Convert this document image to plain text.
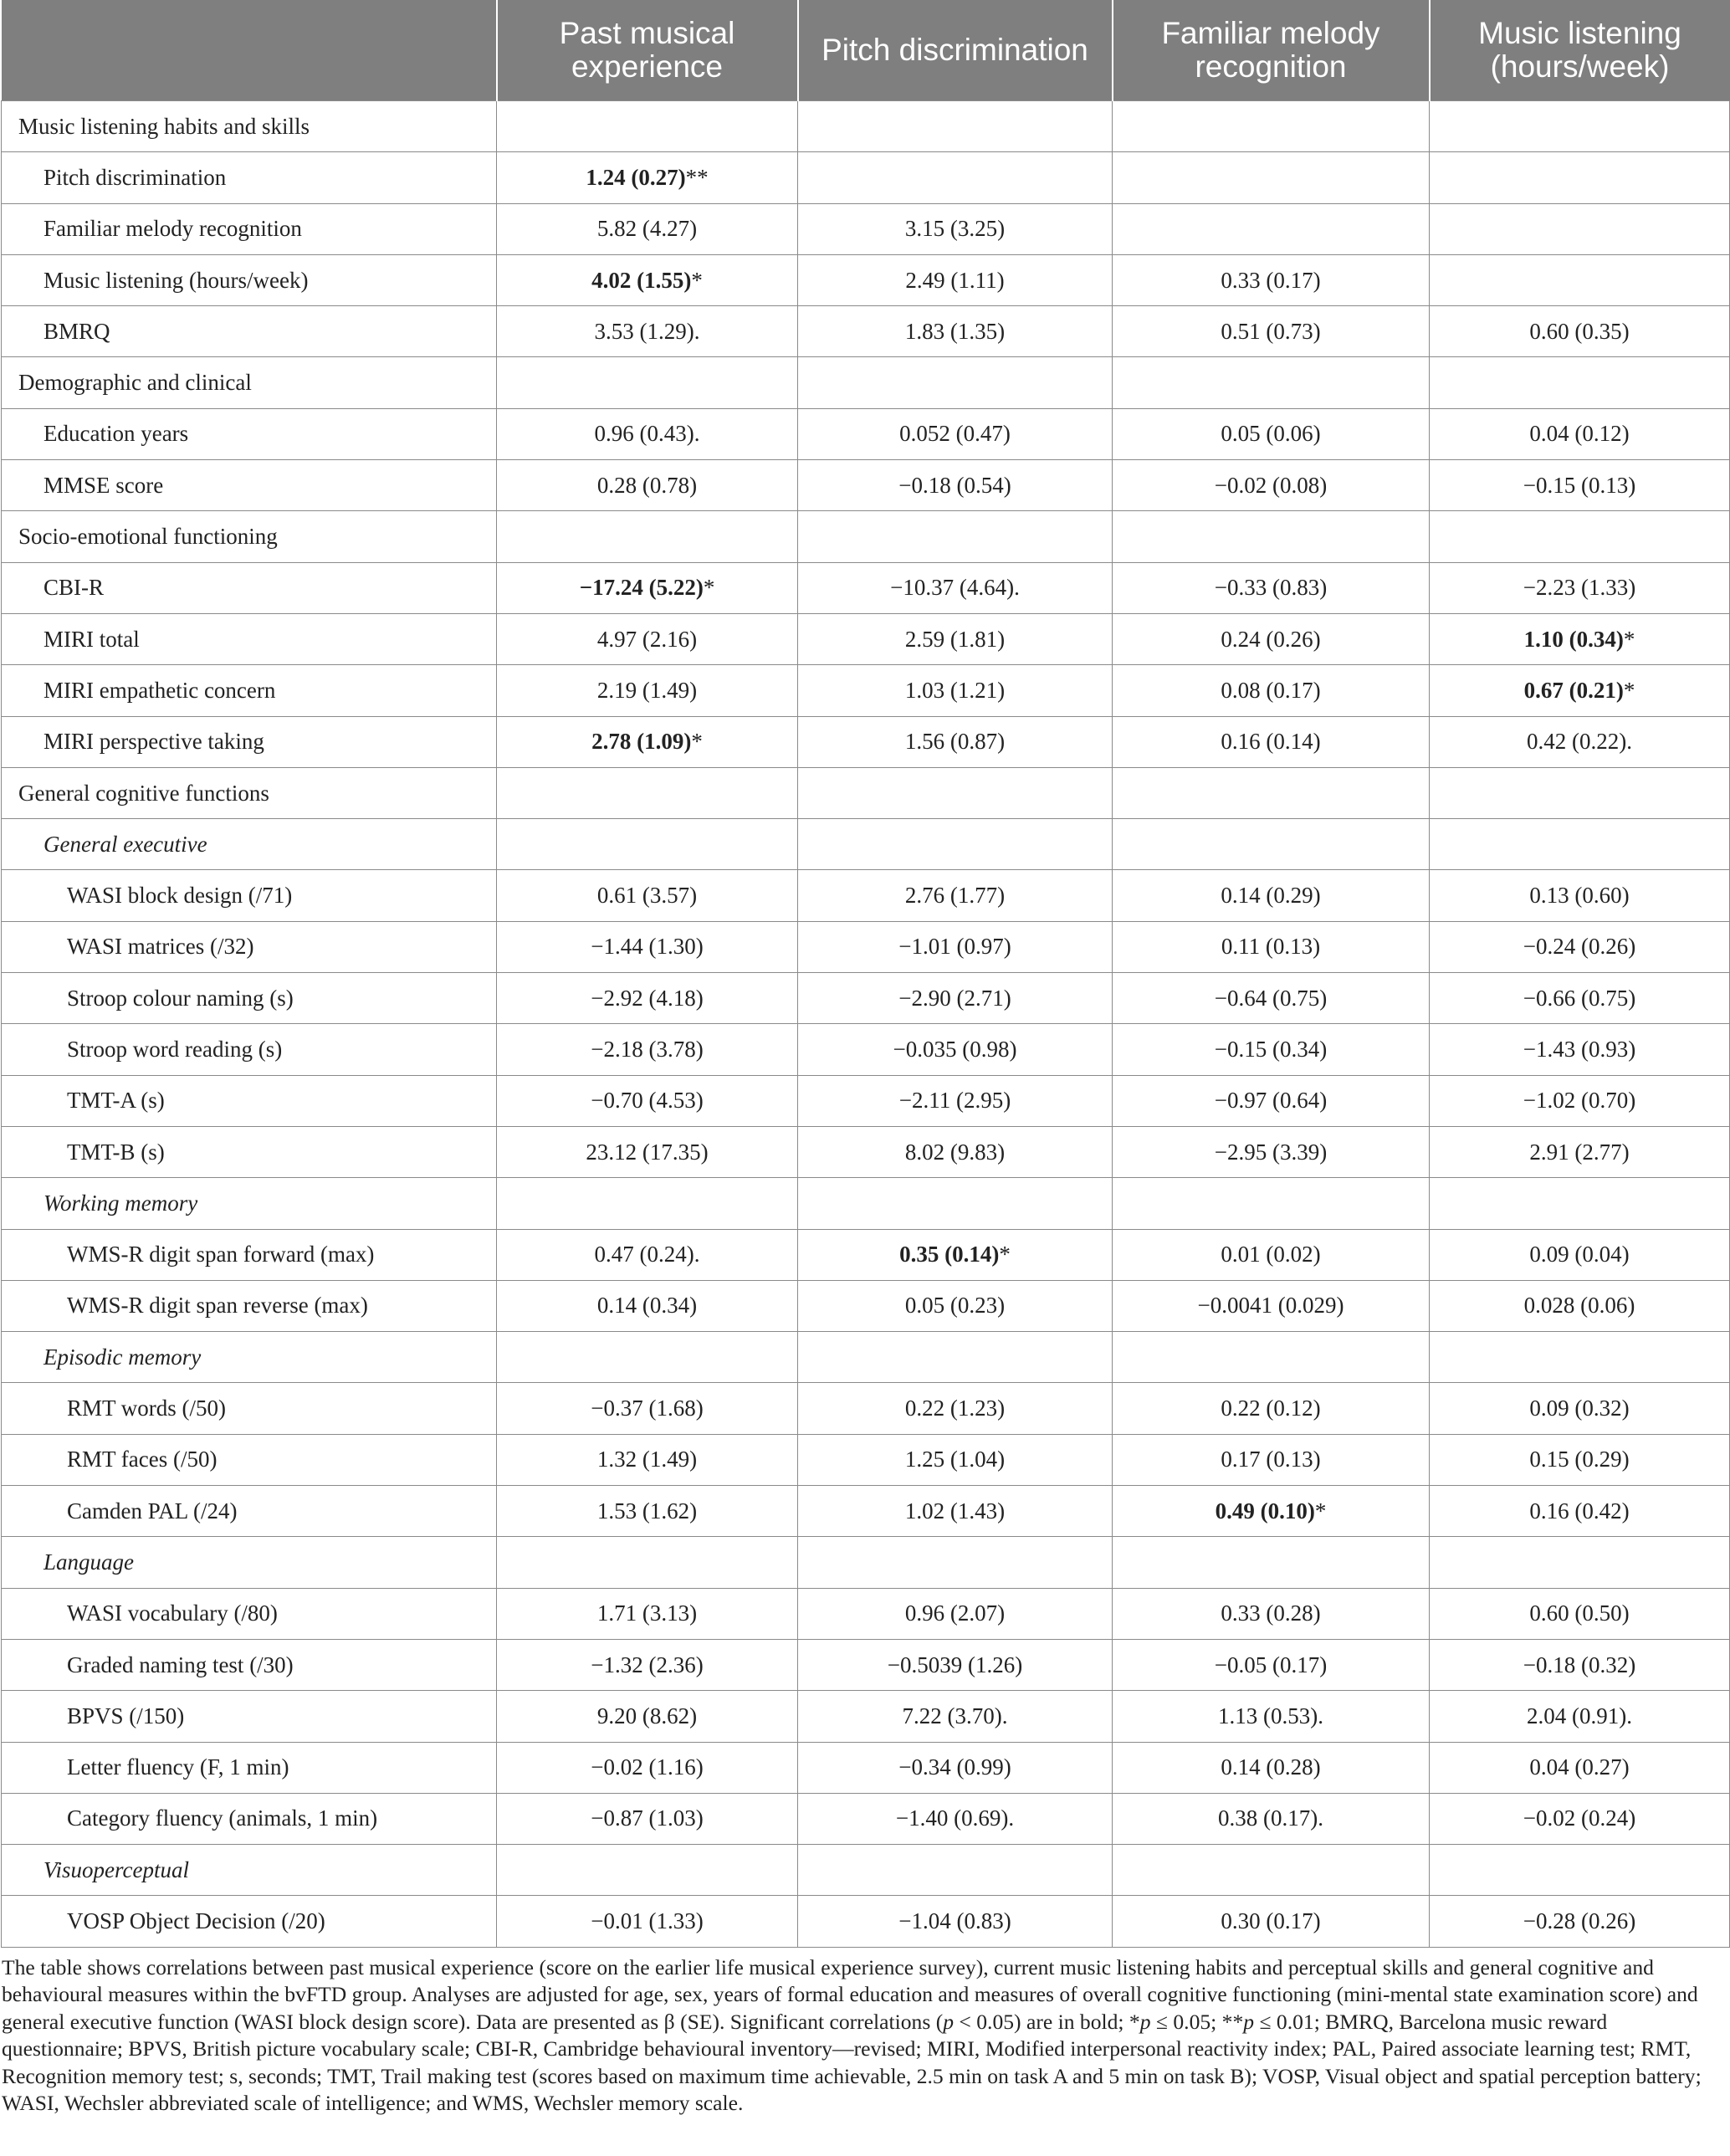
	Past musical experience	Pitch discrimination	Familiar melody recognition	Music listening (hours/week)
Music listening habits and skills				
Pitch discrimination	1.24 (0.27)**			
Familiar melody recognition	5.82 (4.27)	3.15 (3.25)		
Music listening (hours/week)	4.02 (1.55)*	2.49 (1.11)	0.33 (0.17)	
BMRQ	3.53 (1.29).	1.83 (1.35)	0.51 (0.73)	0.60 (0.35)
Demographic and clinical				
Education years	0.96 (0.43).	0.052 (0.47)	0.05 (0.06)	0.04 (0.12)
MMSE score	0.28 (0.78)	−0.18 (0.54)	−0.02 (0.08)	−0.15 (0.13)
Socio-emotional functioning				
CBI-R	−17.24 (5.22)*	−10.37 (4.64).	−0.33 (0.83)	−2.23 (1.33)
MIRI total	4.97 (2.16)	2.59 (1.81)	0.24 (0.26)	1.10 (0.34)*
MIRI empathetic concern	2.19 (1.49)	1.03 (1.21)	0.08 (0.17)	0.67 (0.21)*
MIRI perspective taking	2.78 (1.09)*	1.56 (0.87)	0.16 (0.14)	0.42 (0.22).
General cognitive functions				
General executive				
WASI block design (/71)	0.61 (3.57)	2.76 (1.77)	0.14 (0.29)	0.13 (0.60)
WASI matrices (/32)	−1.44 (1.30)	−1.01 (0.97)	0.11 (0.13)	−0.24 (0.26)
Stroop colour naming (s)	−2.92 (4.18)	−2.90 (2.71)	−0.64 (0.75)	−0.66 (0.75)
Stroop word reading (s)	−2.18 (3.78)	−0.035 (0.98)	−0.15 (0.34)	−1.43 (0.93)
TMT-A (s)	−0.70 (4.53)	−2.11 (2.95)	−0.97 (0.64)	−1.02 (0.70)
TMT-B (s)	23.12 (17.35)	8.02 (9.83)	−2.95 (3.39)	2.91 (2.77)
Working memory				
WMS-R digit span forward (max)	0.47 (0.24).	0.35 (0.14)*	0.01 (0.02)	0.09 (0.04)
WMS-R digit span reverse (max)	0.14 (0.34)	0.05 (0.23)	−0.0041 (0.029)	0.028 (0.06)
Episodic memory				
RMT words (/50)	−0.37 (1.68)	0.22 (1.23)	0.22 (0.12)	0.09 (0.32)
RMT faces (/50)	1.32 (1.49)	1.25 (1.04)	0.17 (0.13)	0.15 (0.29)
Camden PAL (/24)	1.53 (1.62)	1.02 (1.43)	0.49 (0.10)*	0.16 (0.42)
Language				
WASI vocabulary (/80)	1.71 (3.13)	0.96 (2.07)	0.33 (0.28)	0.60 (0.50)
Graded naming test (/30)	−1.32 (2.36)	−0.5039 (1.26)	−0.05 (0.17)	−0.18 (0.32)
BPVS (/150)	9.20 (8.62)	7.22 (3.70).	1.13 (0.53).	2.04 (0.91).
Letter fluency (F, 1 min)	−0.02 (1.16)	−0.34 (0.99)	0.14 (0.28)	0.04 (0.27)
Category fluency (animals, 1 min)	−0.87 (1.03)	−1.40 (0.69).	0.38 (0.17).	−0.02 (0.24)
Visuoperceptual				
VOSP Object Decision (/20)	−0.01 (1.33)	−1.04 (0.83)	0.30 (0.17)	−0.28 (0.26)

The table shows correlations between past musical experience (score on the earlier life musical experience survey), current music listening habits and perceptual skills and general cognitive and behavioural measures within the bvFTD group. Analyses are adjusted for age, sex, years of formal education and measures of overall cognitive functioning (mini-mental state examination score) and general executive function (WASI block design score). Data are presented as β (SE). Significant correlations (p < 0.05) are in bold; *p ≤ 0.05; **p ≤ 0.01; BMRQ, Barcelona music reward questionnaire; BPVS, British picture vocabulary scale; CBI-R, Cambridge behavioural inventory—revised; MIRI, Modified interpersonal reactivity index; PAL, Paired associate learning test; RMT, Recognition memory test; s, seconds; TMT, Trail making test (scores based on maximum time achievable, 2.5 min on task A and 5 min on task B); VOSP, Visual object and spatial perception battery; WASI, Wechsler abbreviated scale of intelligence; and WMS, Wechsler memory scale.
